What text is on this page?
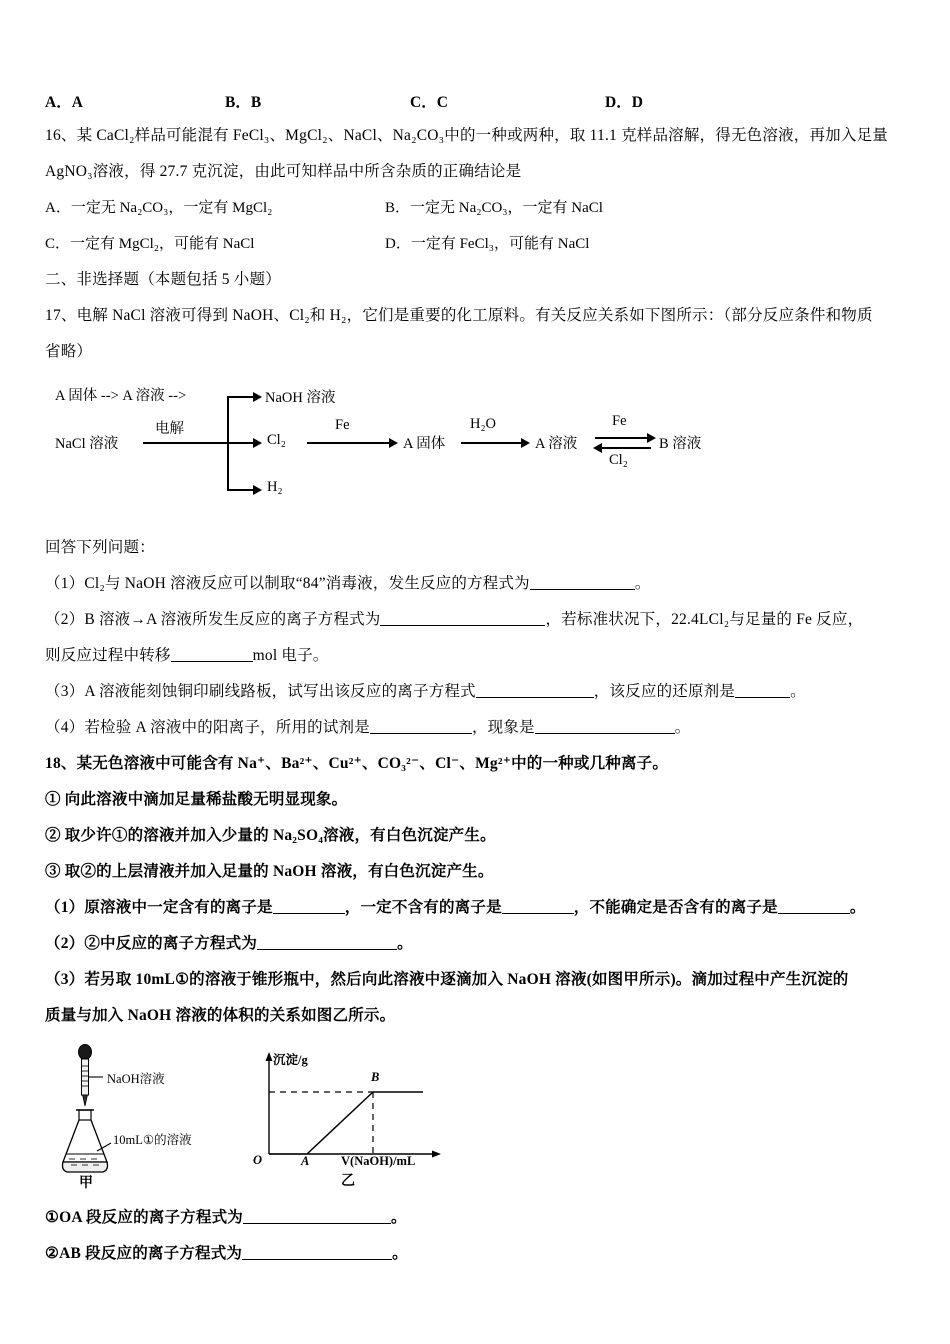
A．A	B．B	C．C	D．D
16、某 CaCl₂样品可能混有 FeCl₃、MgCl₂、NaCl、Na₂CO₃中的一种或两种，取 11.1 克样品溶解，得无色溶液，再加入足量
AgNO₃溶液，得 27.7 克沉淀，由此可知样品中所含杂质的正确结论是
A．一定无 Na₂CO₃，一定有 MgCl₂	B．一定无 Na₂CO₃，一定有 NaCl
C．一定有 MgCl₂，可能有 NaCl	D．一定有 FeCl₃，可能有 NaCl
二、非选择题（本题包括 5 小题）
17、电解 NaCl 溶液可得到 NaOH、Cl₂和 H₂，它们是重要的化工原料。有关反应关系如下图所示：（部分反应条件和物质
省略）
NaCl 溶液
电解
NaOH 溶液
Cl₂
H₂
A 固体 -->
Fe
A 固体
A 溶液 -->
H₂O
A 溶液
Fe
Cl₂
B 溶液
回答下列问题：
（1）Cl₂与 NaOH 溶液反应可以制取“84”消毒液，发生反应的方程式为	。
（2）B 溶液→A 溶液所发生反应的离子方程式为	，若标准状况下，22.4LCl₂与足量的 Fe 反应，
则反应过程中转移	mol 电子。
（3）A 溶液能刻蚀铜印刷线路板，试写出该反应的离子方程式	，该反应的还原剂是	。
（4）若检验 A 溶液中的阳离子，所用的试剂是	，现象是	。
18、某无色溶液中可能含有 Na⁺、Ba²⁺、Cu²⁺、CO₃²⁻、Cl⁻、Mg²⁺中的一种或几种离子。
① 向此溶液中滴加足量稀盐酸无明显现象。
② 取少许①的溶液并加入少量的 Na₂SO₄溶液，有白色沉淀产生。
③ 取②的上层清液并加入足量的 NaOH 溶液，有白色沉淀产生。
（1）原溶液中一定含有的离子是	，一定不含有的离子是	，不能确定是否含有的离子是	。
（2）②中反应的离子方程式为	。
（3）若另取 10mL①的溶液于锥形瓶中，然后向此溶液中逐滴加入 NaOH 溶液(如图甲所示)。滴加过程中产生沉淀的
质量与加入 NaOH 溶液的体积的关系如图乙所示。
NaOH溶液
10mL①的溶液
甲
沉淀/g
V(NaOH)/mL
O	A
B
乙
①OA 段反应的离子方程式为	。
②AB 段反应的离子方程式为	。
